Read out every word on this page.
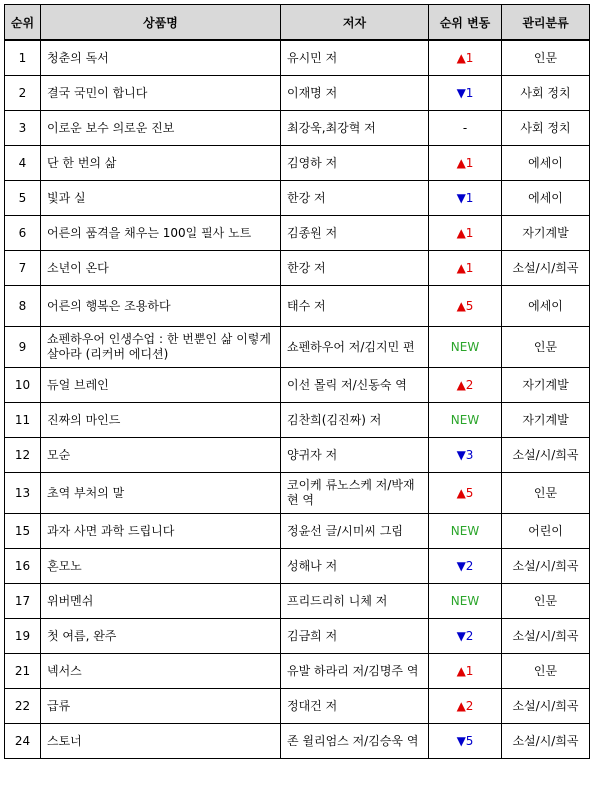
순위	상품명	저자	순위 변동	관리분류
1	청춘의 독서	유시민 저	▲1	인문
2	결국 국민이 합니다	이재명 저	▼1	사회 정치
3	이로운 보수 의로운 진보	최강욱,최강혁 저	-	사회 정치
4	단 한 번의 삶	김영하 저	▲1	에세이
5	빛과 실	한강 저	▼1	에세이
6	어른의 품격을 채우는 100일 필사 노트	김종원 저	▲1	자기계발
7	소년이 온다	한강 저	▲1	소설/시/희곡
8	어른의 행복은 조용하다	태수 저	▲5	에세이
9	쇼펜하우어 인생수업 : 한 번뿐인 삶 이렇게 살아라 (리커버 에디션)	쇼펜하우어 저/김지민 편	NEW	인문
10	듀얼 브레인	이선 몰릭 저/신동숙 역	▲2	자기계발
11	진짜의 마인드	김찬희(김진짜) 저	NEW	자기계발
12	모순	양귀자 저	▼3	소설/시/희곡
13	초역 부처의 말	코이케 류노스케 저/박재현 역	▲5	인문
15	과자 사면 과학 드립니다	정윤선 글/시미씨 그림	NEW	어린이
16	혼모노	성해나 저	▼2	소설/시/희곡
17	위버멘쉬	프리드리히 니체 저	NEW	인문
19	첫 여름, 완주	김금희 저	▼2	소설/시/희곡
21	넥서스	유발 하라리 저/김명주 역	▲1	인문
22	급류	정대건 저	▲2	소설/시/희곡
24	스토너	존 윌리엄스 저/김승욱 역	▼5	소설/시/희곡
